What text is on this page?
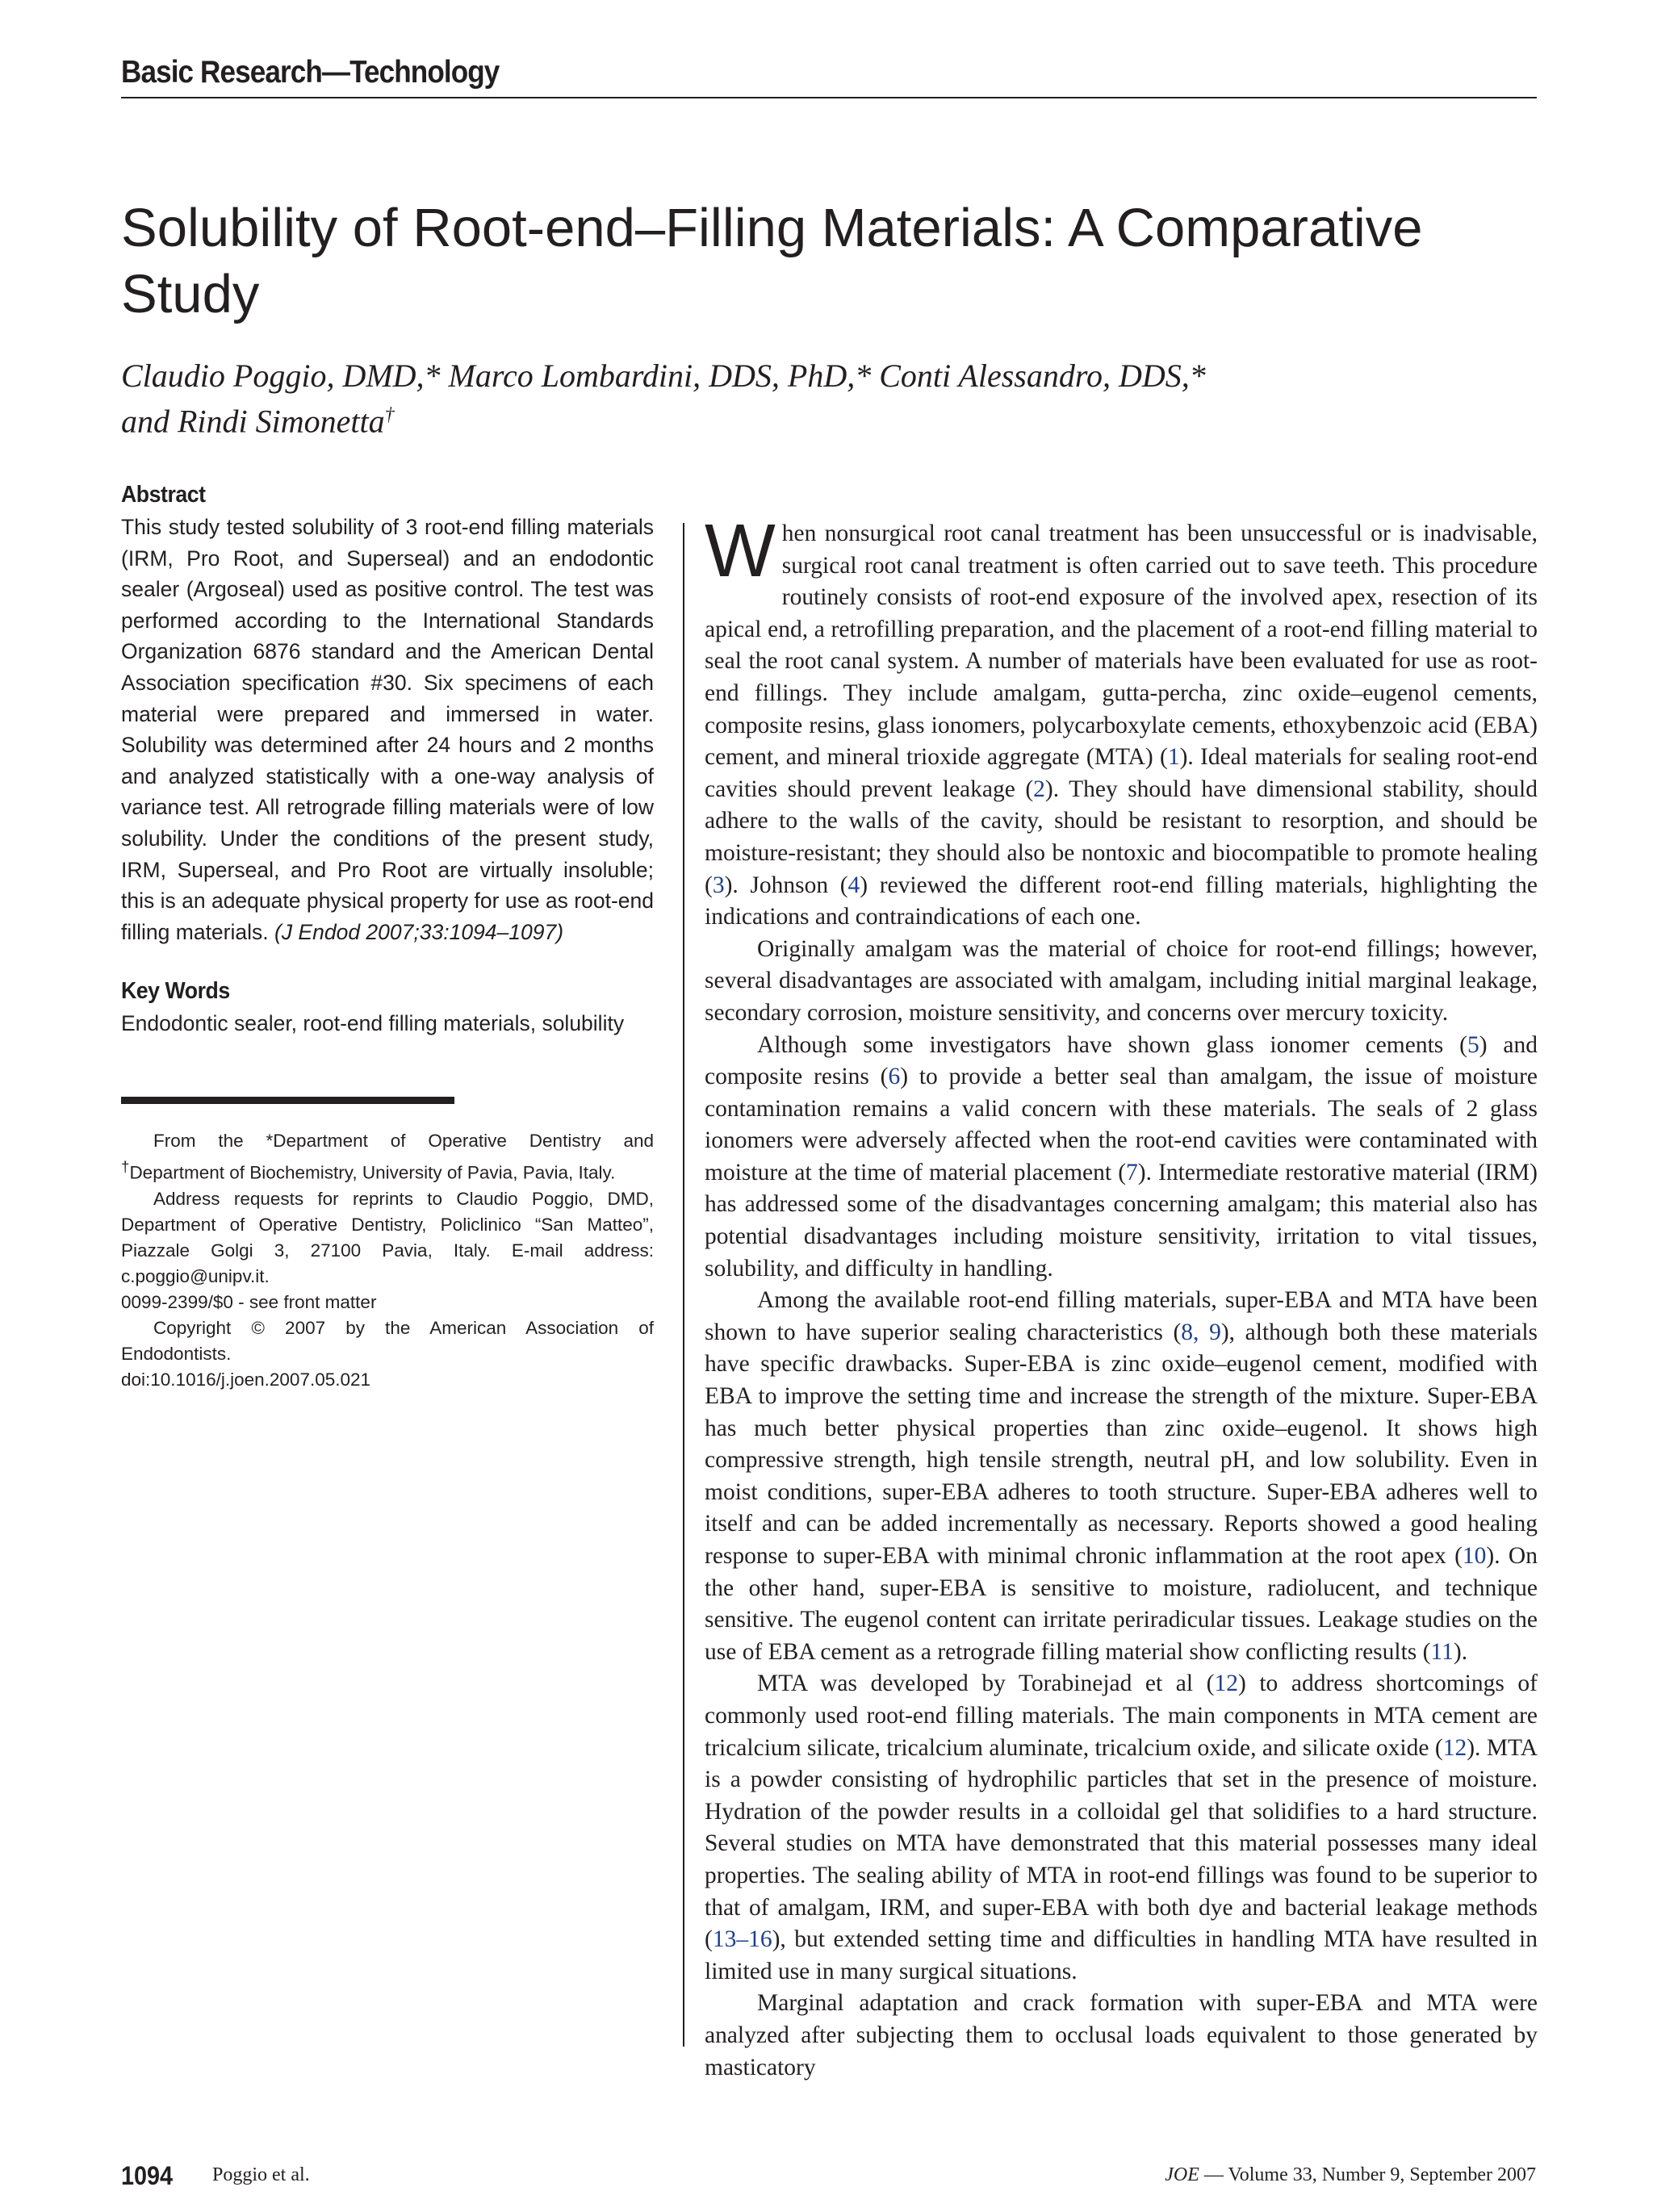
Basic Research—Technology
Solubility of Root-end–Filling Materials: A Comparative Study
Claudio Poggio, DMD,* Marco Lombardini, DDS, PhD,* Conti Alessandro, DDS,*
and Rindi Simonetta†
Abstract

This study tested solubility of 3 root-end filling materials (IRM, Pro Root, and Superseal) and an endodontic sealer (Argoseal) used as positive control. The test was performed according to the International Standards Organization 6876 standard and the American Dental Association specification #30. Six specimens of each material were prepared and immersed in water. Solubility was determined after 24 hours and 2 months and analyzed statistically with a one-way analysis of variance test. All retrograde filling materials were of low solubility. Under the conditions of the present study, IRM, Superseal, and Pro Root are virtually insoluble; this is an adequate physical property for use as root-end filling materials. (J Endod 2007;33:1094–1097)

Key Words

Endodontic sealer, root-end filling materials, solubility

From the *Department of Operative Dentistry and †Department of Biochemistry, University of Pavia, Pavia, Italy.

Address requests for reprints to Claudio Poggio, DMD, Department of Operative Dentistry, Policlinico “San Matteo”, Piazzale Golgi 3, 27100 Pavia, Italy. E-mail address: c.poggio@unipv.it.

0099-2399/$0 - see front matter

Copyright © 2007 by the American Association of Endodontists.

doi:10.1016/j.joen.2007.05.021

When nonsurgical root canal treatment has been unsuccessful or is inadvisable, surgical root canal treatment is often carried out to save teeth. This procedure routinely consists of root-end exposure of the involved apex, resection of its apical end, a retrofilling preparation, and the placement of a root-end filling material to seal the root canal system. A number of materials have been evaluated for use as root-end fillings. They include amalgam, gutta-percha, zinc oxide–eugenol cements, composite resins, glass ionomers, polycarboxylate cements, ethoxybenzoic acid (EBA) cement, and mineral trioxide aggregate (MTA) (1). Ideal materials for sealing root-end cavities should prevent leakage (2). They should have dimensional stability, should adhere to the walls of the cavity, should be resistant to resorption, and should be moisture-resistant; they should also be nontoxic and biocompatible to promote healing (3). Johnson (4) reviewed the different root-end filling materials, highlighting the indications and contraindications of each one.

Originally amalgam was the material of choice for root-end fillings; however, several disadvantages are associated with amalgam, including initial marginal leakage, secondary corrosion, moisture sensitivity, and concerns over mercury toxicity.

Although some investigators have shown glass ionomer cements (5) and composite resins (6) to provide a better seal than amalgam, the issue of moisture contamination remains a valid concern with these materials. The seals of 2 glass ionomers were adversely affected when the root-end cavities were contaminated with moisture at the time of material placement (7). Intermediate restorative material (IRM) has addressed some of the disadvantages concerning amalgam; this material also has potential disadvantages including moisture sensitivity, irritation to vital tissues, solubility, and difficulty in handling.

Among the available root-end filling materials, super-EBA and MTA have been shown to have superior sealing characteristics (8, 9), although both these materials have specific drawbacks. Super-EBA is zinc oxide–eugenol cement, modified with EBA to improve the setting time and increase the strength of the mixture. Super-EBA has much better physical properties than zinc oxide–eugenol. It shows high compressive strength, high tensile strength, neutral pH, and low solubility. Even in moist conditions, super-EBA adheres to tooth structure. Super-EBA adheres well to itself and can be added incrementally as necessary. Reports showed a good healing response to super-EBA with minimal chronic inflammation at the root apex (10). On the other hand, super-EBA is sensitive to moisture, radiolucent, and technique sensitive. The eugenol content can irritate periradicular tissues. Leakage studies on the use of EBA cement as a retrograde filling material show conflicting results (11).

MTA was developed by Torabinejad et al (12) to address shortcomings of commonly used root-end filling materials. The main components in MTA cement are tricalcium silicate, tricalcium aluminate, tricalcium oxide, and silicate oxide (12). MTA is a powder consisting of hydrophilic particles that set in the presence of moisture. Hydration of the powder results in a colloidal gel that solidifies to a hard structure. Several studies on MTA have demonstrated that this material possesses many ideal properties. The sealing ability of MTA in root-end fillings was found to be superior to that of amalgam, IRM, and super-EBA with both dye and bacterial leakage methods (13–16), but extended setting time and difficulties in handling MTA have resulted in limited use in many surgical situations.

Marginal adaptation and crack formation with super-EBA and MTA were analyzed after subjecting them to occlusal loads equivalent to those generated by masticatory

1094 Poggio et al.	JOE — Volume 33, Number 9, September 2007
